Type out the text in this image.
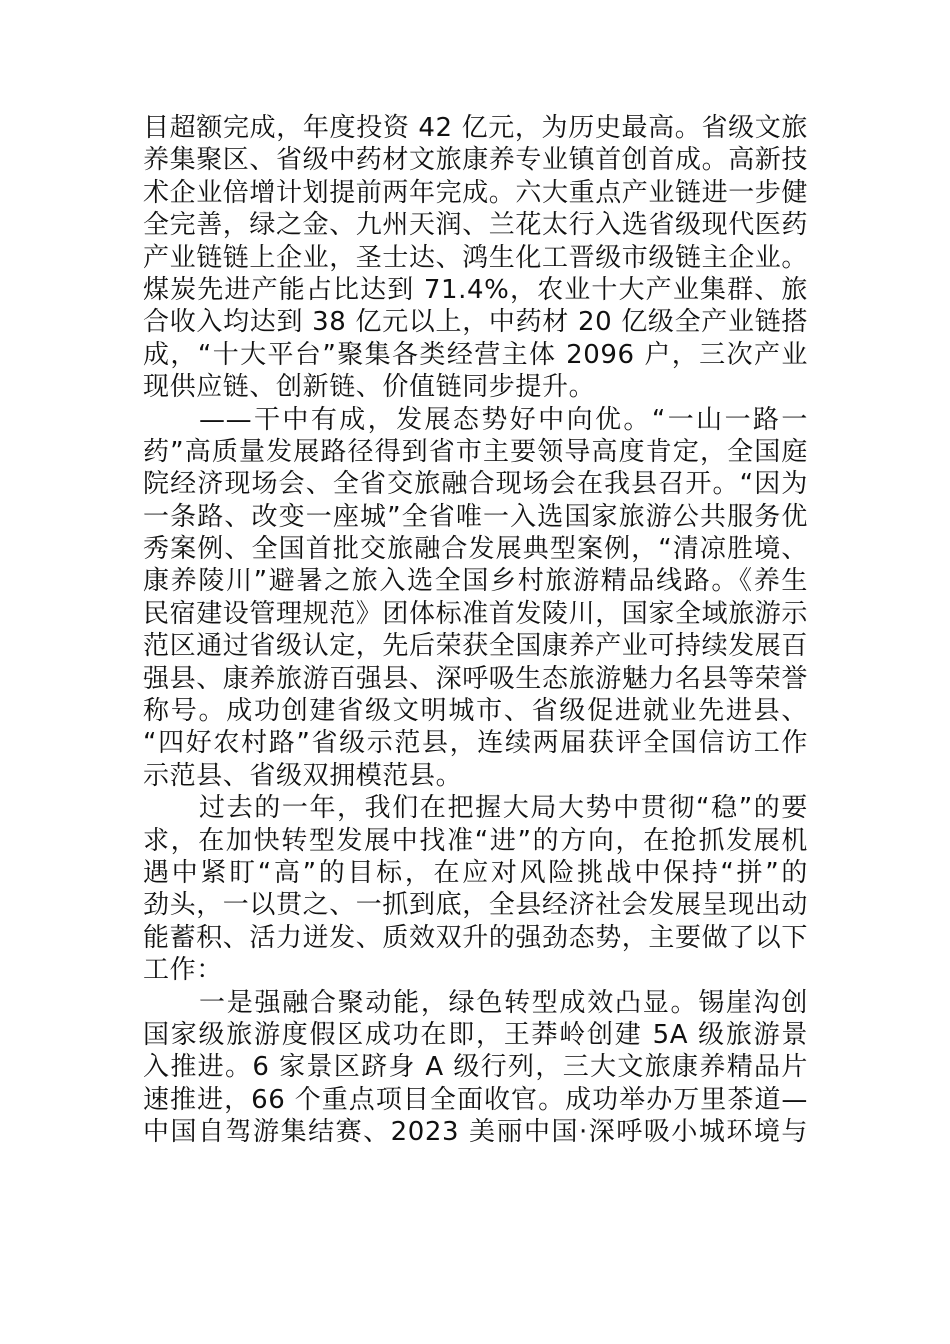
目超额完成，年度投资 42 亿元，为历史最高。省级文旅
养集聚区、省级中药材文旅康养专业镇首创首成。高新技
术企业倍增计划提前两年完成。六大重点产业链进一步健
全完善，绿之金、九州天润、兰花太行入选省级现代医药
产业链链上企业，圣士达、鸿生化工晋级市级链主企业。
煤炭先进产能占比达到 71.4%，农业十大产业集群、旅
合收入均达到 38 亿元以上，中药材 20 亿级全产业链搭
成，“十大平台”聚集各类经营主体 2096 户，三次产业
现供应链、创新链、价值链同步提升。
——干中有成，发展态势好中向优。“一山一路一
药”高质量发展路径得到省市主要领导高度肯定，全国庭
院经济现场会、全省交旅融合现场会在我县召开。“因为
一条路、改变一座城”全省唯一入选国家旅游公共服务优
秀案例、全国首批交旅融合发展典型案例，“清凉胜境、
康养陵川”避暑之旅入选全国乡村旅游精品线路。《养生
民宿建设管理规范》团体标准首发陵川，国家全域旅游示
范区通过省级认定，先后荣获全国康养产业可持续发展百
强县、康养旅游百强县、深呼吸生态旅游魅力名县等荣誉
称号。成功创建省级文明城市、省级促进就业先进县、
“四好农村路”省级示范县，连续两届获评全国信访工作
示范县、省级双拥模范县。
过去的一年，我们在把握大局大势中贯彻“稳”的要
求，在加快转型发展中找准“进”的方向，在抢抓发展机
遇中紧盯“高”的目标，在应对风险挑战中保持“拼”的
劲头，一以贯之、一抓到底，全县经济社会发展呈现出动
能蓄积、活力迸发、质效双升的强劲态势，主要做了以下
工作：
一是强融合聚动能，绿色转型成效凸显。锡崖沟创
国家级旅游度假区成功在即，王莽岭创建 5A 级旅游景
入推进。6 家景区跻身 A 级行列，三大文旅康养精品片
速推进，66 个重点项目全面收官。成功举办万里茶道—
中国自驾游集结赛、2023 美丽中国·深呼吸小城环境与
